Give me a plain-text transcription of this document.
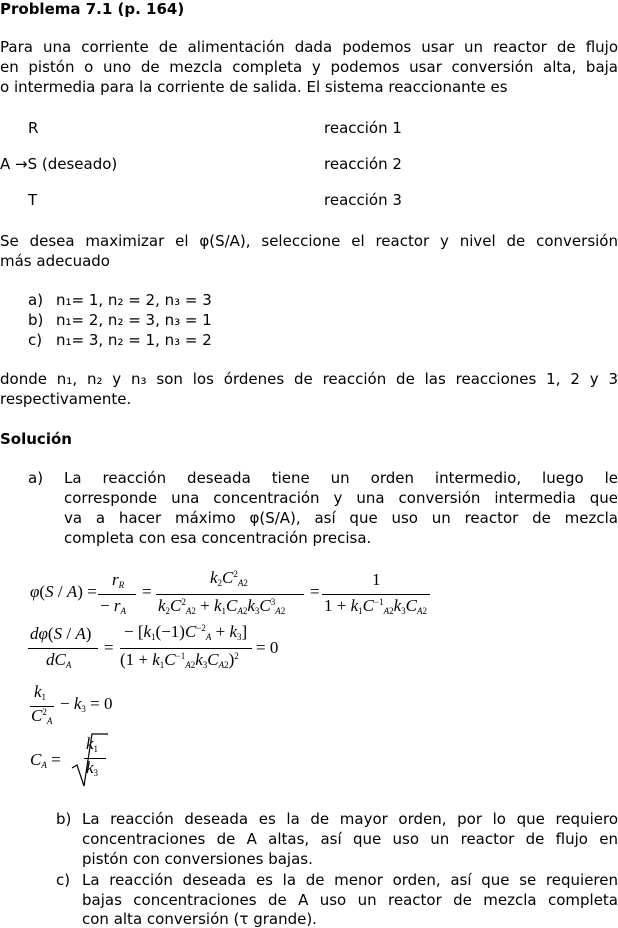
Problema 7.1 (p. 164)
Para una corriente de alimentación dada podemos usar un reactor de flujo
en pistón o uno de mezcla completa y podemos usar conversión alta, baja
o intermedia para la corriente de salida. El sistema reaccionante es
R	reacción 1
A →S (deseado)	reacción 2
T	reacción 3
Se desea maximizar el φ(S/A), seleccione el reactor y nivel de conversión
más adecuado
a) n₁= 1, n₂ = 2, n₃ = 3
b) n₁= 2, n₂ = 3, n₃ = 1
c) n₁= 3, n₂ = 1, n₃ = 2
donde n₁, n₂ y n₃ son los órdenes de reacción de las reacciones 1, 2 y 3
respectivamente.
Solución
a) La reacción deseada tiene un orden intermedio, luego le
corresponde una concentración y una conversión intermedia que
va a hacer máximo φ(S/A), así que uso un reactor de mezcla
completa con esa concentración precisa.
φ(S / A) =
$r_R$
− $r_A$
=
$k_2C^2_{A2}$
$k_2C^2_{A2} + k_1C_{A2}k_3C^3_{A2}$
=
1
$1 + k_1C^{-1}_{A2}k_3C_{A2}$
dφ(S / A)
$dC_A$
=
− $[k_1(-1)C^{-2}_A + k_3]$
$(1 + k_1C^{-1}_{A2}k_3C_{A2})^2 = 0$
$k_1$
$C^2_A$
− $k_3 = 0$
$C_A$ =
$k_1$
$k_3$
b) La reacción deseada es la de mayor orden, por lo que requiero
concentraciones de A altas, así que uso un reactor de flujo en
pistón con conversiones bajas.
c) La reacción deseada es la de menor orden, así que se requieren
bajas concentraciones de A uso un reactor de mezcla completa
con alta conversión (τ grande).
